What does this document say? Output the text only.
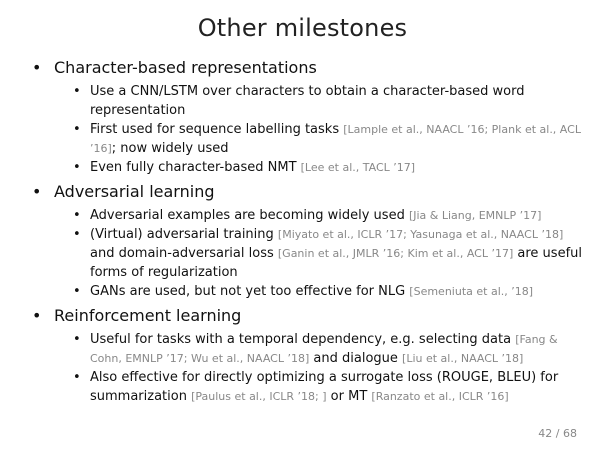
Other milestones
• Character-based representations
• Use a CNN/LSTM over characters to obtain a character-based word representation
• First used for sequence labelling tasks [Lample et al., NAACL ’16; Plank et al., ACL ’16]; now widely used
• Even fully character-based NMT [Lee et al., TACL ’17]
• Adversarial learning
• Adversarial examples are becoming widely used [Jia & Liang, EMNLP ’17]
• (Virtual) adversarial training [Miyato et al., ICLR ’17; Yasunaga et al., NAACL ’18] and domain-adversarial loss [Ganin et al., JMLR ’16; Kim et al., ACL ’17] are useful forms of regularization
• GANs are used, but not yet too effective for NLG [Semeniuta et al., ’18]
• Reinforcement learning
• Useful for tasks with a temporal dependency, e.g. selecting data [Fang & Cohn, EMNLP ’17; Wu et al., NAACL ’18] and dialogue [Liu et al., NAACL ’18]
• Also effective for directly optimizing a surrogate loss (ROUGE, BLEU) for summarization [Paulus et al., ICLR ’18; ] or MT [Ranzato et al., ICLR ’16]
42 / 68
